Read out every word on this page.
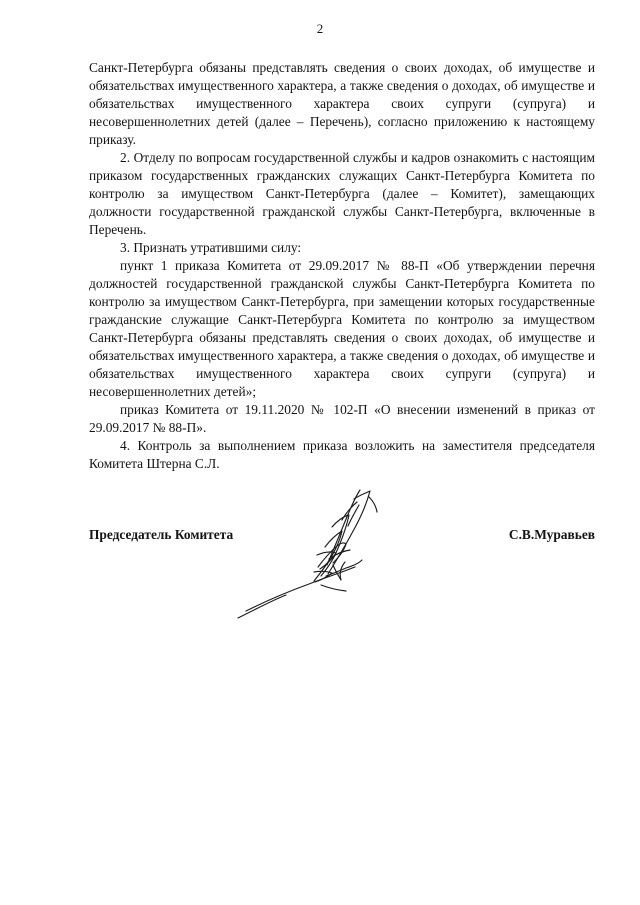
2

Санкт-Петербурга обязаны представлять сведения о своих доходах, об имуществе и обязательствах имущественного характера, а также сведения о доходах, об имуществе и обязательствах имущественного характера своих супруги (супруга) и несовершеннолетних детей (далее – Перечень), согласно приложению к настоящему приказу.

2. Отделу по вопросам государственной службы и кадров ознакомить с настоящим приказом государственных гражданских служащих Санкт-Петербурга Комитета по контролю за имуществом Санкт-Петербурга (далее – Комитет), замещающих должности государственной гражданской службы Санкт-Петербурга, включенные в Перечень.

3. Признать утратившими силу:

пункт 1 приказа Комитета от 29.09.2017 № 88-П «Об утверждении перечня должностей государственной гражданской службы Санкт-Петербурга Комитета по контролю за имуществом Санкт-Петербурга, при замещении которых государственные гражданские служащие Санкт-Петербурга Комитета по контролю за имуществом Санкт-Петербурга обязаны представлять сведения о своих доходах, об имуществе и обязательствах имущественного характера, а также сведения о доходах, об имуществе и обязательствах имущественного характера своих супруги (супруга) и несовершеннолетних детей»;

приказ Комитета от 19.11.2020 № 102-П «О внесении изменений в приказ от 29.09.2017 № 88-П».

4. Контроль за выполнением приказа возложить на заместителя председателя Комитета Штерна С.Л.

Председатель Комитета	С.В.Муравьев
